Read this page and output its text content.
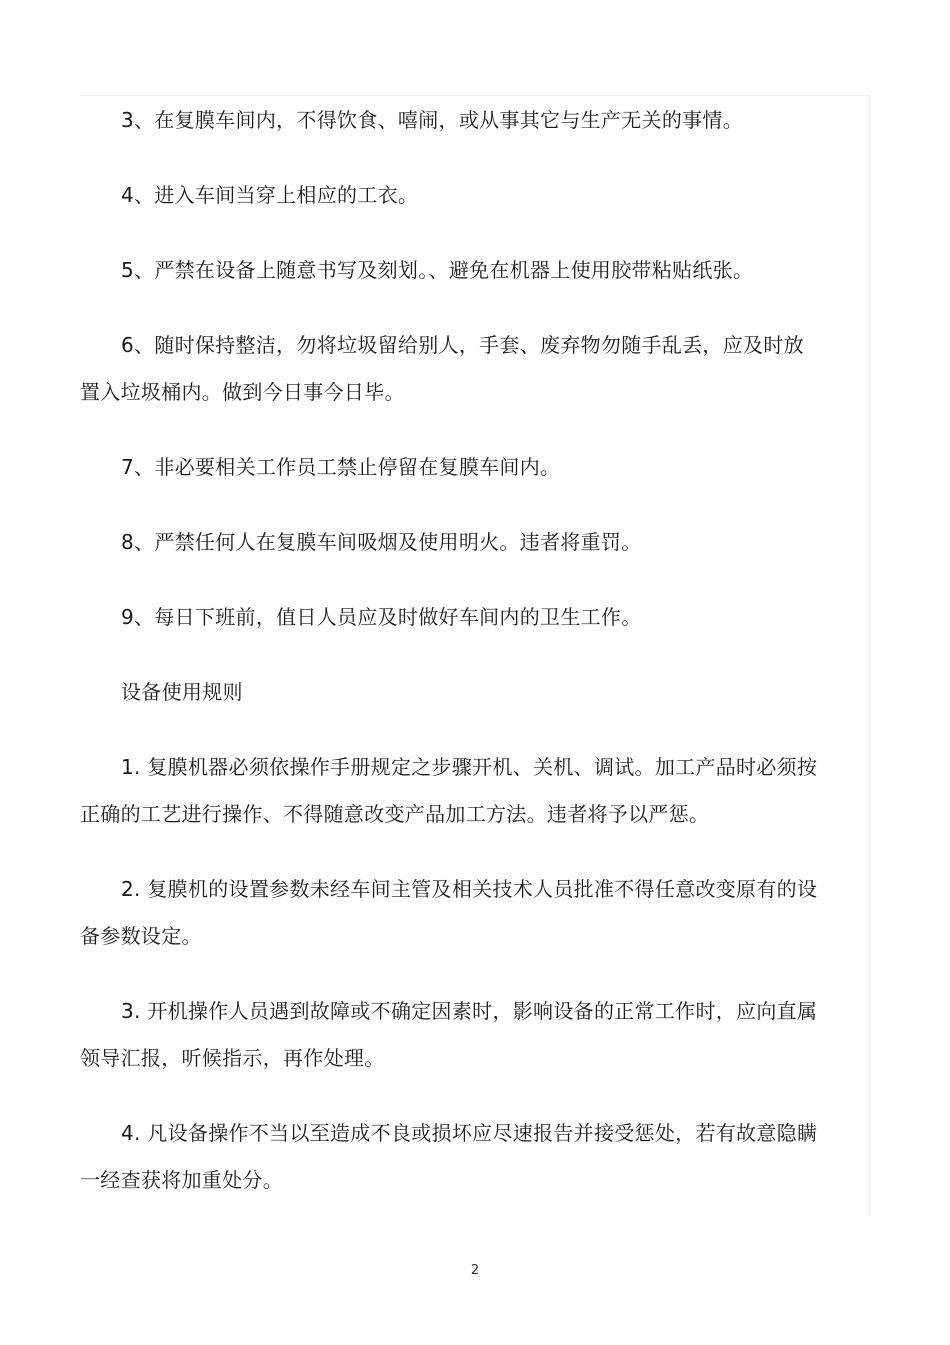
3、在复膜车间内，不得饮食、嘻闹，或从事其它与生产无关的事情。

4、进入车间当穿上相应的工衣。

5、严禁在设备上随意书写及刻划。、避免在机器上使用胶带粘贴纸张。

6、随时保持整洁，勿将垃圾留给别人，手套、废弃物勿随手乱丢，应及时放置入垃圾桶内。做到今日事今日毕。

7、非必要相关工作员工禁止停留在复膜车间内。

8、严禁任何人在复膜车间吸烟及使用明火。违者将重罚。

9、每日下班前，值日人员应及时做好车间内的卫生工作。

设备使用规则

1. 复膜机器必须依操作手册规定之步骤开机、关机、调试。加工产品时必须按正确的工艺进行操作、不得随意改变产品加工方法。违者将予以严惩。

2. 复膜机的设置参数未经车间主管及相关技术人员批准不得任意改变原有的设备参数设定。

3. 开机操作人员遇到故障或不确定因素时，影响设备的正常工作时，应向直属领导汇报，听候指示，再作处理。

4. 凡设备操作不当以至造成不良或损坏应尽速报告并接受惩处，若有故意隐瞒一经查获将加重处分。

2
